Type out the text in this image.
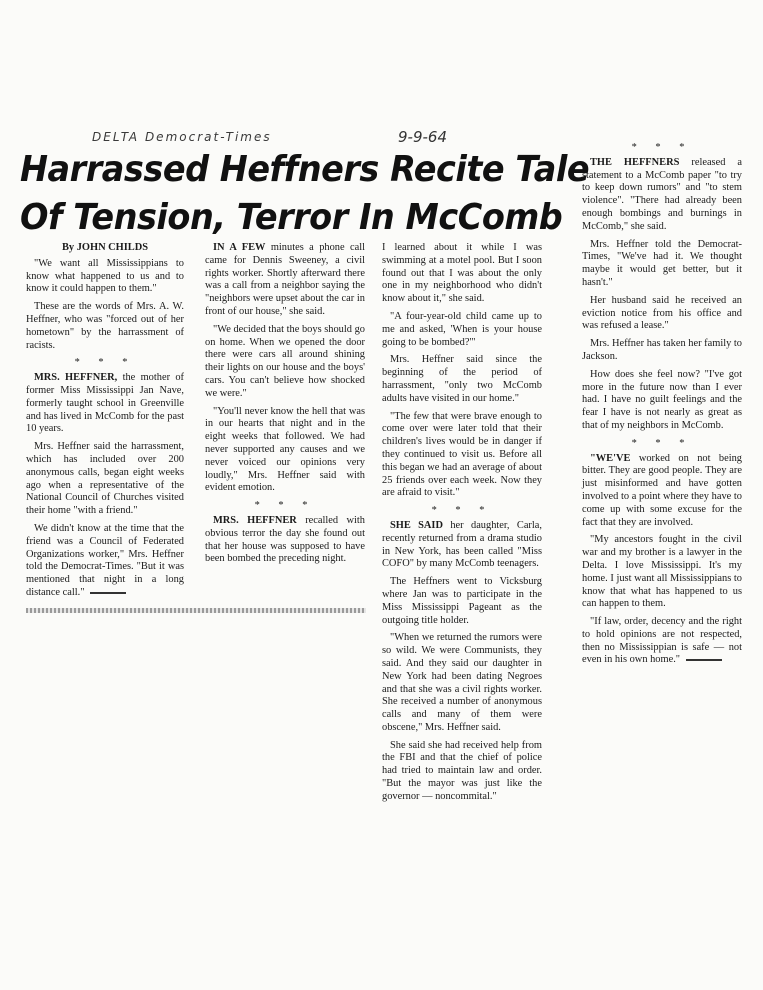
DELTA Democrat-Times	9-9-64
Harrassed Heffners Recite Tale
Of Tension, Terror In McComb

By JOHN CHILDS

"We want all Mississippians to know what happened to us and to know it could happen to them."

These are the words of Mrs. A. W. Heffner, who was "forced out of her hometown" by the harrassment of racists.

* * *

MRS. HEFFNER, the mother of former Miss Mississippi Jan Nave, formerly taught school in Greenville and has lived in McComb for the past 10 years.

Mrs. Heffner said the harrassment, which has included over 200 anonymous calls, began eight weeks ago when a representative of the National Council of Churches visited their home "with a friend."

We didn't know at the time that the friend was a Council of Federated Organizations worker," Mrs. Heffner told the Democrat-Times. "But it was mentioned that night in a long distance call."

IN A FEW minutes a phone call came for Dennis Sweeney, a civil rights worker. Shortly afterward there was a call from a neighbor saying the "neighbors were upset about the car in front of our house," she said.

"We decided that the boys should go on home. When we opened the door there were cars all around shining their lights on our house and the boys' cars. You can't believe how shocked we were."

"You'll never know the hell that was in our hearts that night and in the eight weeks that followed. We had never supported any causes and we never voiced our opinions very loudly," Mrs. Heffner said with evident emotion.

* * *

MRS. HEFFNER recalled with obvious terror the day she found out that her house was supposed to have been bombed the preceding night.

I learned about it while I was swimming at a motel pool. But I soon found out that I was about the only one in my neighborhood who didn't know about it," she said.

"A four-year-old child came up to me and asked, 'When is your house going to be bombed?'"

Mrs. Heffner said since the beginning of the period of harrassment, "only two McComb adults have visited in our home."

"The few that were brave enough to come over were later told that their children's lives would be in danger if they continued to visit us. Before all this began we had an average of about 25 friends over each week. Now they are afraid to visit."

* * *

SHE SAID her daughter, Carla, recently returned from a drama studio in New York, has been called "Miss COFO" by many McComb teenagers.

The Heffners went to Vicksburg where Jan was to participate in the Miss Mississippi Pageant as the outgoing title holder.

"When we returned the rumors were so wild. We were Communists, they said. And they said our daughter in New York had been dating Negroes and that she was a civil rights worker. She received a number of anonymous calls and many of them were obscene," Mrs. Heffner said.

She said she had received help from the FBI and that the chief of police had tried to maintain law and order. "But the mayor was just like the governor — noncommital."

* * *

THE HEFFNERS released a statement to a McComb paper "to try to keep down rumors" and "to stem violence". "There had already been enough bombings and burnings in McComb," she said.

Mrs. Heffner told the Democrat-Times, "We've had it. We thought maybe it would get better, but it hasn't."

Her husband said he received an eviction notice from his office and was refused a lease."

Mrs. Heffner has taken her family to Jackson.

How does she feel now? "I've got more in the future now than I ever had. I have no guilt feelings and the fear I have is not nearly as great as that of my neighbors in McComb.

* * *

"WE'VE worked on not being bitter. They are good people. They are just misinformed and have gotten involved to a point where they have to come up with some excuse for the fact that they are involved.

"My ancestors fought in the civil war and my brother is a lawyer in the Delta. I love Mississippi. It's my home. I just want all Mississippians to know that what has happened to us can happen to them.

"If law, order, decency and the right to hold opinions are not respected, then no Mississippian is safe — not even in his own home."
